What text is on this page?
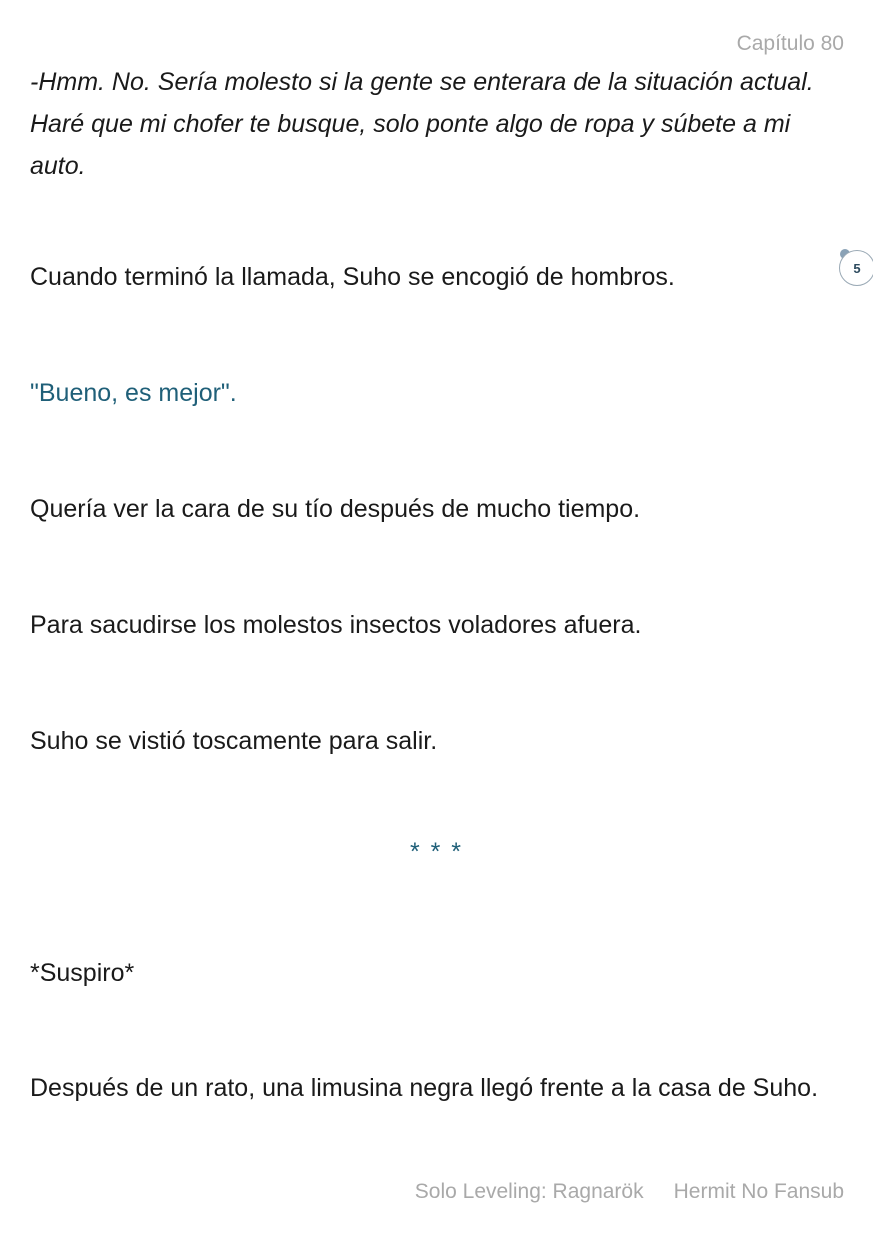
Capítulo 80

-Hmm. No. Sería molesto si la gente se enterara de la situación actual. Haré que mi chofer te busque, solo ponte algo de ropa y súbete a mi auto.

Cuando terminó la llamada, Suho se encogió de hombros.	5

"Bueno, es mejor".

Quería ver la cara de su tío después de mucho tiempo.

Para sacudirse los molestos insectos voladores afuera.

Suho se vistió toscamente para salir.

* * *

*Suspiro*

Después de un rato, una limusina negra llegó frente a la casa de Suho.

Solo Leveling: Ragnarök Hermit No Fansub
